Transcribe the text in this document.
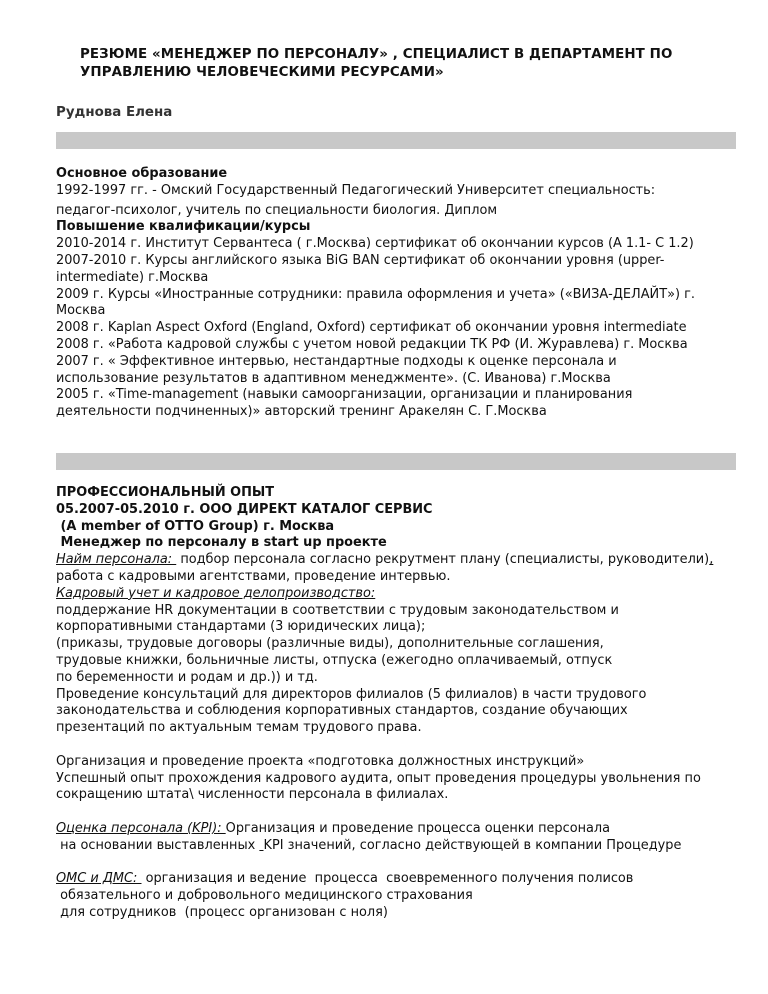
РЕЗЮМЕ «МЕНЕДЖЕР ПО ПЕРСОНАЛУ» , СПЕЦИАЛИСТ В ДЕПАРТАМЕНТ ПО
УПРАВЛЕНИЮ ЧЕЛОВЕЧЕСКИМИ РЕСУРСАМИ»
Руднова Елена
Основное образование
1992-1997 гг. - Омский Государственный Педагогический Университет специальность:
педагог-психолог, учитель по специальности биология. Диплом
Повышение квалификации/курсы
2010-2014 г. Институт Сервантеса ( г.Москва) сертификат об окончании курсов (А 1.1- С 1.2)
2007-2010 г. Курсы английского языка BiG BAN сертификат об окончании уровня (upper-
intermediate) г.Москва
2009 г. Курсы «Иностранные сотрудники: правила оформления и учета» («ВИЗА-ДЕЛАЙТ») г.
Москва
2008 г. Kaplan Aspect Oxford (England, Oxford) сертификат об окончании уровня intermediate
2008 г. «Работа кадровой службы с учетом новой редакции ТК РФ (И. Журавлева) г. Москва
2007 г. « Эффективное интервью, нестандартные подходы к оценке персонала и
использование результатов в адаптивном менеджменте». (С. Иванова) г.Москва
2005 г. «Time-management (навыки самоорганизации, организации и планирования
деятельности подчиненных)» авторский тренинг Аракелян С. Г.Москва
ПРОФЕССИОНАЛЬНЫЙ ОПЫТ
05.2007-05.2010 г. ООО ДИРЕКТ КАТАЛОГ СЕРВИС
(A member of OTTO Group) г. Москва
Менеджер по персоналу в start up проекте
Найм персонала:  подбор персонала согласно рекрутмент плану (специалисты, руководители),
работа с кадровыми агентствами, проведение интервью.
Кадровый учет и кадровое делопроизводство:
поддержание HR документации в соответствии с трудовым законодательством и
корпоративными стандартами (3 юридических лица);
(приказы, трудовые договоры (различные виды), дополнительные соглашения,
трудовые книжки, больничные листы, отпуска (ежегодно оплачиваемый, отпуск
по беременности и родам и др.)) и тд.
Проведение консультаций для директоров филиалов (5 филиалов) в части трудового
законодательства и соблюдения корпоративных стандартов, создание обучающих
презентаций по актуальным темам трудового права.
Организация и проведение проекта «подготовка должностных инструкций»
Успешный опыт прохождения кадрового аудита, опыт проведения процедуры увольнения по
сокращению штата\ численности персонала в филиалах.
Оценка персонала (KPI): Организация и проведение процесса оценки персонала
на основании выставленных  KPI значений, согласно действующей в компании Процедуре
ОМС и ДМС:  организация и ведение  процесса  своевременного получения полисов
обязательного и добровольного медицинского страхования
для сотрудников  (процесс организован с ноля)
